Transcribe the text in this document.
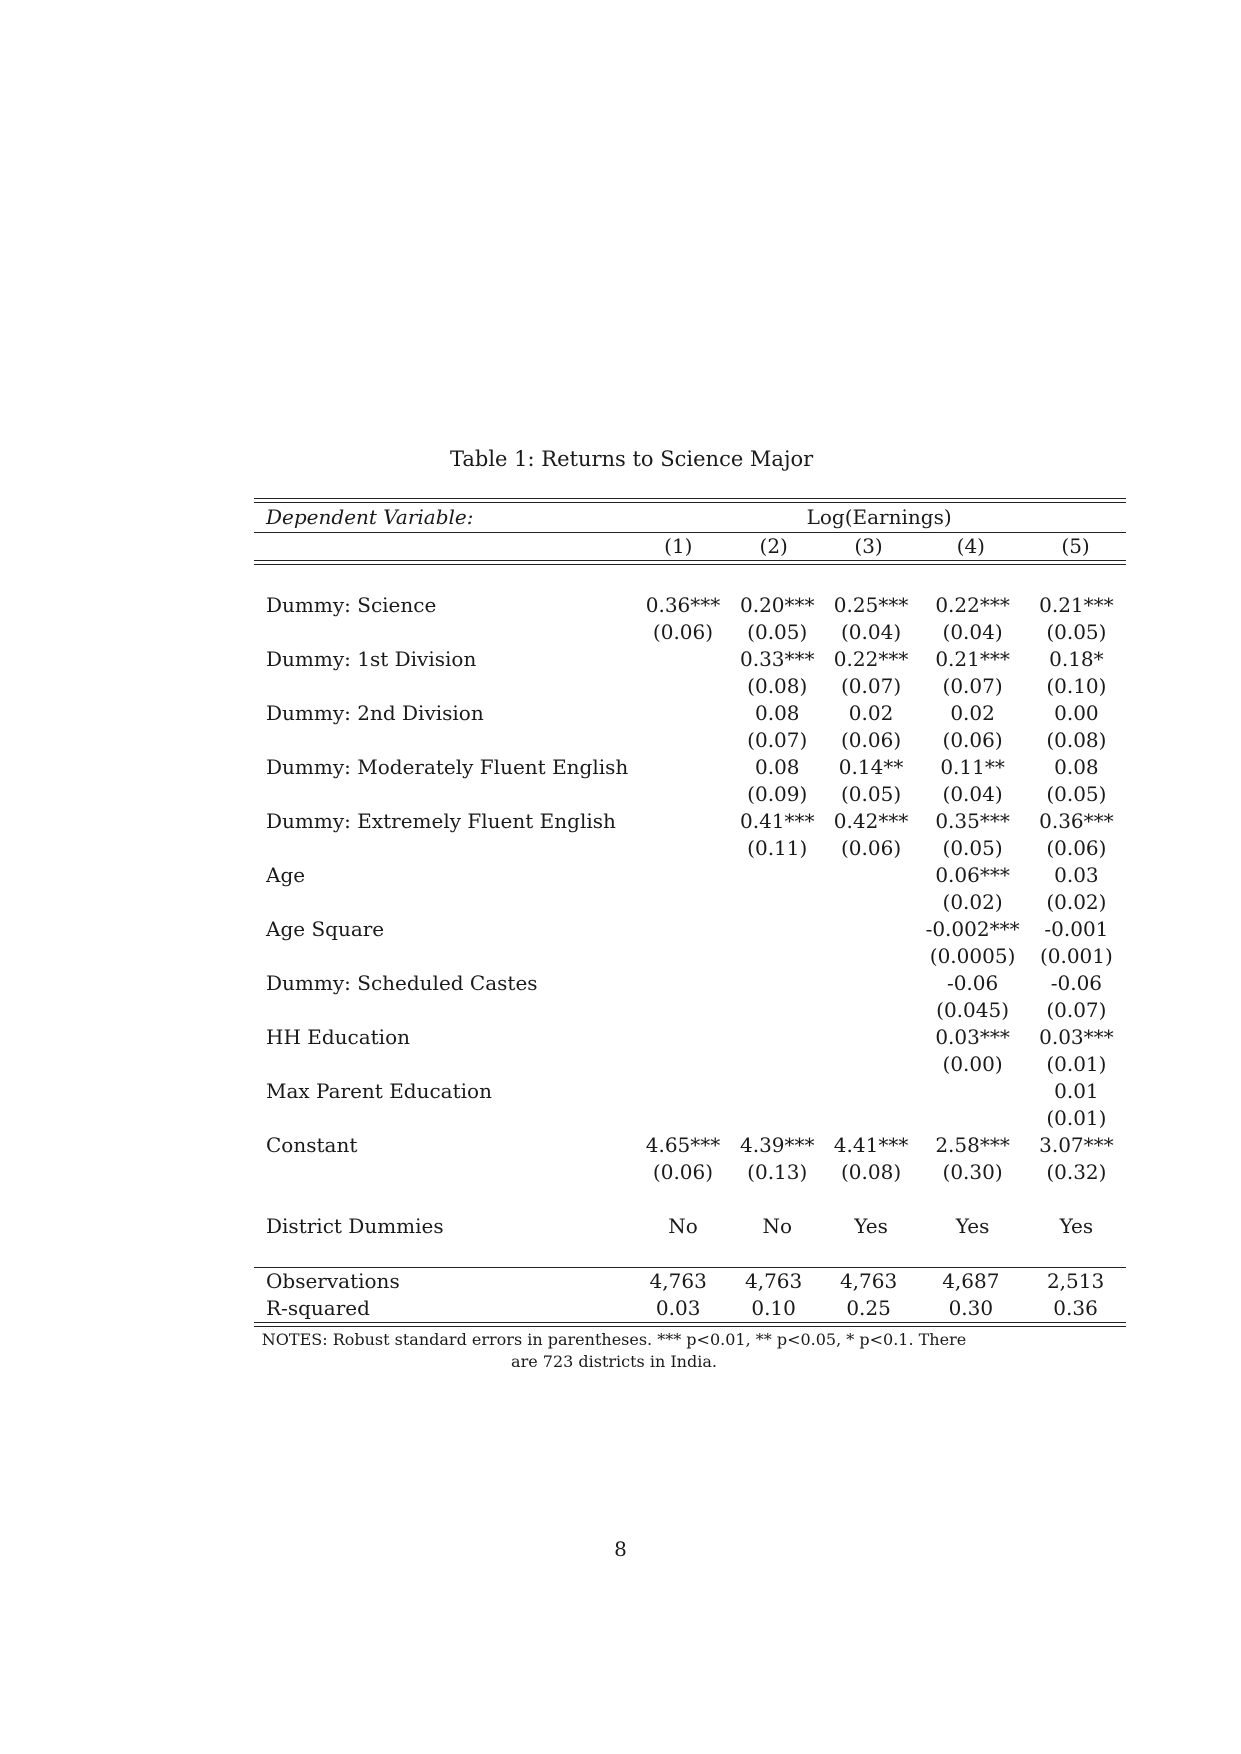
Table 1: Returns to Science Major
Dependent Variable:	Log(Earnings)
	(1)	(2)	(3)	(4)	(5)

Dummy: Science	0.36***	0.20***	0.25***	0.22***	0.21***
	(0.06)	(0.05)	(0.04)	(0.04)	(0.05)
Dummy: 1st Division		0.33***	0.22***	0.21***	0.18*
		(0.08)	(0.07)	(0.07)	(0.10)
Dummy: 2nd Division		0.08	0.02	0.02	0.00
		(0.07)	(0.06)	(0.06)	(0.08)
Dummy: Moderately Fluent English		0.08	0.14**	0.11**	0.08
		(0.09)	(0.05)	(0.04)	(0.05)
Dummy: Extremely Fluent English		0.41***	0.42***	0.35***	0.36***
		(0.11)	(0.06)	(0.05)	(0.06)
Age				0.06***	0.03
				(0.02)	(0.02)
Age Square				-0.002***	-0.001
				(0.0005)	(0.001)
Dummy: Scheduled Castes				-0.06	-0.06
				(0.045)	(0.07)
HH Education				0.03***	0.03***
				(0.00)	(0.01)
Max Parent Education					0.01
					(0.01)
Constant	4.65***	4.39***	4.41***	2.58***	3.07***
	(0.06)	(0.13)	(0.08)	(0.30)	(0.32)

District Dummies	No	No	Yes	Yes	Yes

Observations	4,763	4,763	4,763	4,687	2,513
R-squared	0.03	0.10	0.25	0.30	0.36
NOTES: Robust standard errors in parentheses. *** p<0.01, ** p<0.05, * p<0.1. There are 723 districts in India.
8
